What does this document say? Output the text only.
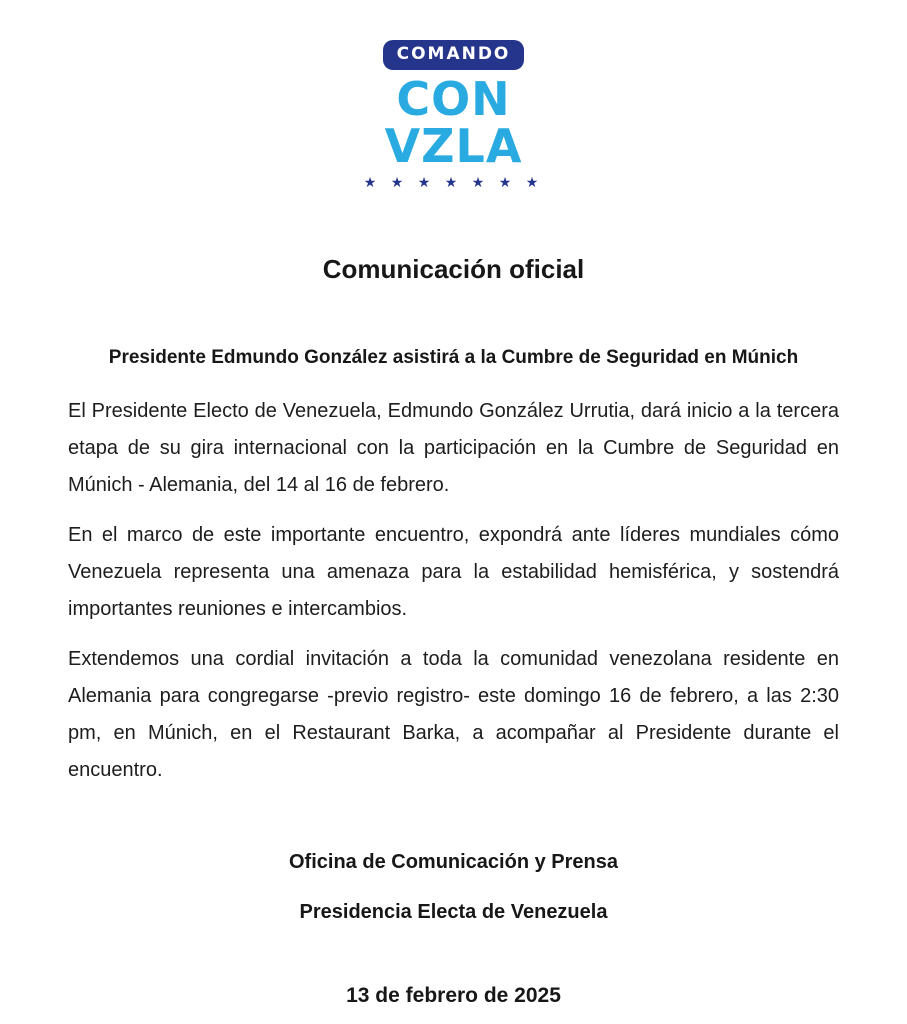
COMANDO
CON
VZLA
★ ★ ★ ★ ★ ★ ★
Comunicación oficial
Presidente Edmundo González asistirá a la Cumbre de Seguridad en Múnich

El Presidente Electo de Venezuela, Edmundo González Urrutia, dará inicio a la tercera etapa de su gira internacional con la participación en la Cumbre de Seguridad en Múnich - Alemania, del 14 al 16 de febrero.

En el marco de este importante encuentro, expondrá ante líderes mundiales cómo Venezuela representa una amenaza para la estabilidad hemisférica, y sostendrá importantes reuniones e intercambios.

Extendemos una cordial invitación a toda la comunidad venezolana residente en Alemania para congregarse -previo registro- este domingo 16 de febrero, a las 2:30 pm, en Múnich, en el Restaurant Barka, a acompañar al Presidente durante el encuentro.

Oficina de Comunicación y Prensa
Presidencia Electa de Venezuela
13 de febrero de 2025
